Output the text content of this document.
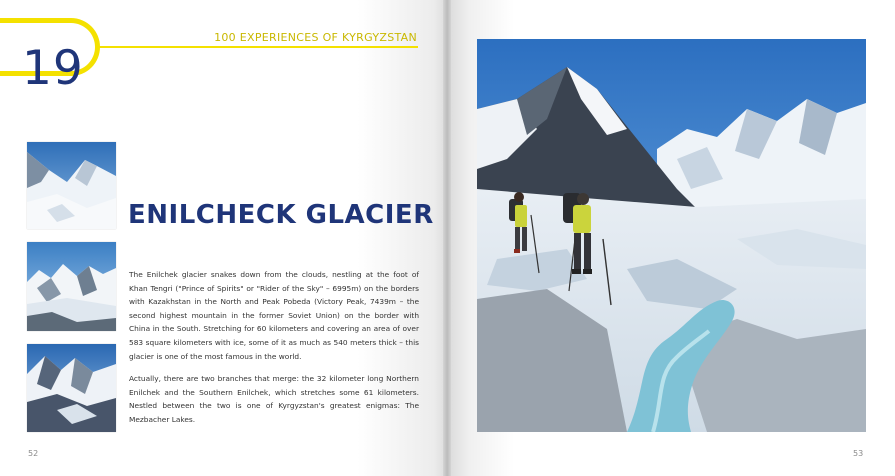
19
100 EXPERIENCES OF KYRGYZSTAN
ENILCHECK GLACIER

The Enilchek glacier snakes down from the clouds, nestling at the foot of Khan Tengri ("Prince of Spirits" or "Rider of the Sky" – 6995m) on the borders with Kazakhstan in the North and Peak Pobeda (Victory Peak, 7439m – the second highest mountain in the former Soviet Union) on the border with China in the South. Stretching for 60 kilometers and covering an area of over 583 square kilometers with ice, some of it as much as 540 meters thick – this glacier is one of the most famous in the world.

Actually, there are two branches that merge: the 32 kilometer long Northern Enilchek and the Southern Enilchek, which stretches some 61 kilometers. Nestled between the two is one of Kyrgyzstan's greatest enigmas: The Mezbacher Lakes.

52	53
